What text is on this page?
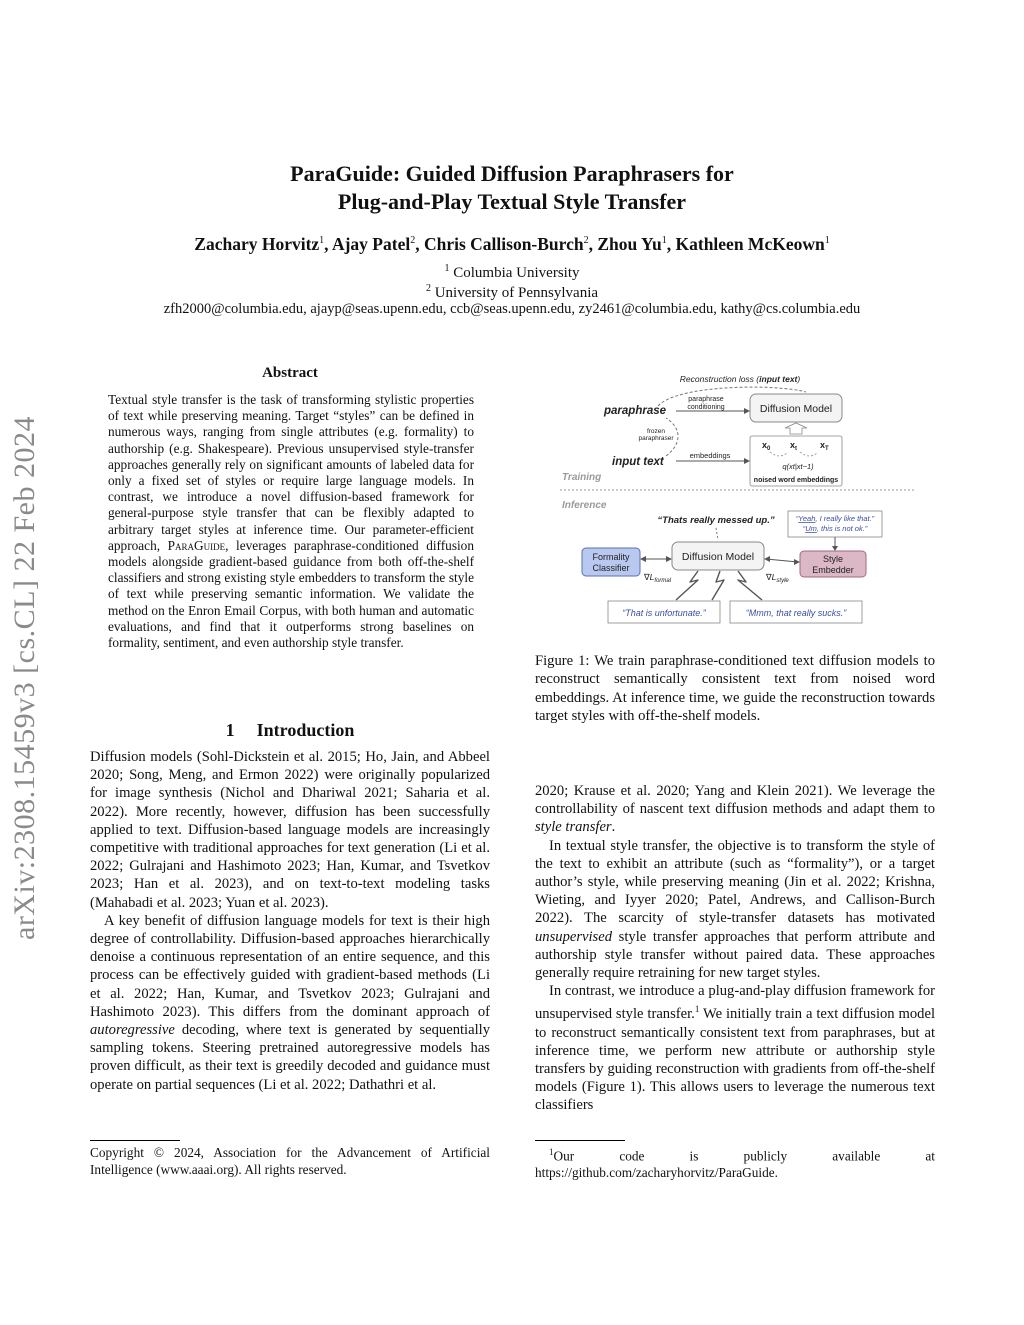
arXiv:2308.15459v3 [cs.CL] 22 Feb 2024
ParaGuide: Guided Diffusion Paraphrasers for
Plug-and-Play Textual Style Transfer
Zachary Horvitz$^1$, Ajay Patel$^2$, Chris Callison-Burch$^2$, Zhou Yu$^1$, Kathleen McKeown$^1$
$^1$ Columbia University
$^2$ University of Pennsylvania
zfh2000@columbia.edu, ajayp@seas.upenn.edu, ccb@seas.upenn.edu, zy2461@columbia.edu, kathy@cs.columbia.edu
Abstract
Textual style transfer is the task of transforming stylistic properties of text while preserving meaning. Target “styles” can be defined in numerous ways, ranging from single attributes (e.g. formality) to authorship (e.g. Shakespeare). Previous unsupervised style-transfer approaches generally rely on significant amounts of labeled data for only a fixed set of styles or require large language models. In contrast, we introduce a novel diffusion-based framework for general-purpose style transfer that can be flexibly adapted to arbitrary target styles at inference time. Our parameter-efficient approach, ParaGuide, leverages paraphrase-conditioned diffusion models alongside gradient-based guidance from both off-the-shelf classifiers and strong existing style embedders to transform the style of text while preserving semantic information. We validate the method on the Enron Email Corpus, with both human and automatic evaluations, and find that it outperforms strong baselines on formality, sentiment, and even authorship style transfer.
1 Introduction

Diffusion models (Sohl-Dickstein et al. 2015; Ho, Jain, and Abbeel 2020; Song, Meng, and Ermon 2022) were originally popularized for image synthesis (Nichol and Dhariwal 2021; Saharia et al. 2022). More recently, however, diffusion has been successfully applied to text. Diffusion-based language models are increasingly competitive with traditional approaches for text generation (Li et al. 2022; Gulrajani and Hashimoto 2023; Han, Kumar, and Tsvetkov 2023; Han et al. 2023), and on text-to-text modeling tasks (Mahabadi et al. 2023; Yuan et al. 2023).

A key benefit of diffusion language models for text is their high degree of controllability. Diffusion-based approaches hierarchically denoise a continuous representation of an entire sequence, and this process can be effectively guided with gradient-based methods (Li et al. 2022; Han, Kumar, and Tsvetkov 2023; Gulrajani and Hashimoto 2023). This differs from the dominant approach of autoregressive decoding, where text is generated by sequentially sampling tokens. Steering pretrained autoregressive models has proven difficult, as their text is greedily decoded and guidance must operate on partial sequences (Li et al. 2022; Dathathri et al.

Copyright © 2024, Association for the Advancement of Artificial Intelligence (www.aaai.org). All rights reserved.
Reconstruction loss (input text)
paraphrase
input text
paraphrase
conditioning
frozen
paraphraser
embeddings
Diffusion Model
$x_0$ $x_t$	$x_T$
q(xt|xt−1)
noised word embeddings
Training
Inference
“Thats really messed up.”	“Yeah, I really like that.”
“Um, this is not ok.”
Formality
Classifier
Diffusion Model	Style
Embedder
$\nabla L_{formal}$	$\nabla L_{style}$
“That is unfortunate.”	“Mmm, that really sucks.”
Figure 1: We train paraphrase-conditioned text diffusion models to reconstruct semantically consistent text from noised word embeddings. At inference time, we guide the reconstruction towards target styles with off-the-shelf models.

2020; Krause et al. 2020; Yang and Klein 2021). We leverage the controllability of nascent text diffusion methods and adapt them to style transfer.

In textual style transfer, the objective is to transform the style of the text to exhibit an attribute (such as “formality”), or a target author’s style, while preserving meaning (Jin et al. 2022; Krishna, Wieting, and Iyyer 2020; Patel, Andrews, and Callison-Burch 2022). The scarcity of style-transfer datasets has motivated unsupervised style transfer approaches that perform attribute and authorship style transfer without paired data. These approaches generally require retraining for new target styles.

In contrast, we introduce a plug-and-play diffusion framework for unsupervised style transfer.$^1$ We initially train a text diffusion model to reconstruct semantically consistent text from paraphrases, but at inference time, we perform new attribute or authorship style transfers by guiding reconstruction with gradients from off-the-shelf models (Figure 1). This allows users to leverage the numerous text classifiers

$^1$Our code is publicly available at https://github.com/zacharyhorvitz/ParaGuide.
